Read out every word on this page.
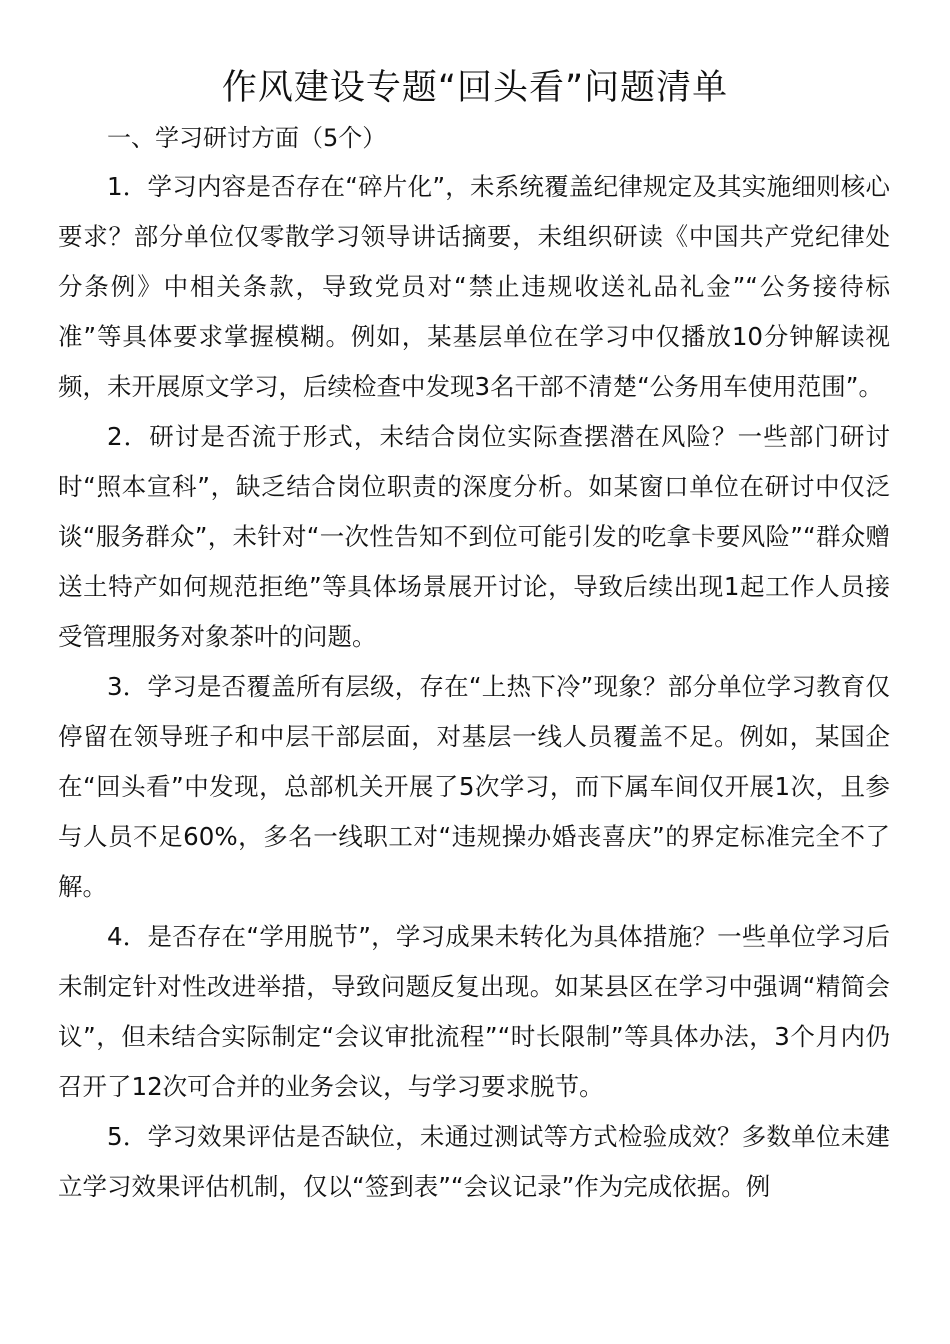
作风建设专题“回头看”问题清单

一、学习研讨方面（5个）

1．学习内容是否存在“碎片化”，未系统覆盖纪律规定及其实施细则核心要求？部分单位仅零散学习领导讲话摘要，未组织研读《中国共产党纪律处分条例》中相关条款，导致党员对“禁止违规收送礼品礼金”“公务接待标准”等具体要求掌握模糊。例如，某基层单位在学习中仅播放10分钟解读视频，未开展原文学习，后续检查中发现3名干部不清楚“公务用车使用范围”。

2．研讨是否流于形式，未结合岗位实际查摆潜在风险？一些部门研讨时“照本宣科”，缺乏结合岗位职责的深度分析。如某窗口单位在研讨中仅泛谈“服务群众”，未针对“一次性告知不到位可能引发的吃拿卡要风险”“群众赠送土特产如何规范拒绝”等具体场景展开讨论，导致后续出现1起工作人员接受管理服务对象茶叶的问题。

3．学习是否覆盖所有层级，存在“上热下冷”现象？部分单位学习教育仅停留在领导班子和中层干部层面，对基层一线人员覆盖不足。例如，某国企在“回头看”中发现，总部机关开展了5次学习，而下属车间仅开展1次，且参与人员不足60%，多名一线职工对“违规操办婚丧喜庆”的界定标准完全不了解。

4．是否存在“学用脱节”，学习成果未转化为具体措施？一些单位学习后未制定针对性改进举措，导致问题反复出现。如某县区在学习中强调“精简会议”，但未结合实际制定“会议审批流程”“时长限制”等具体办法，3个月内仍召开了12次可合并的业务会议，与学习要求脱节。

5．学习效果评估是否缺位，未通过测试等方式检验成效？多数单位未建立学习效果评估机制，仅以“签到表”“会议记录”作为完成依据。例
